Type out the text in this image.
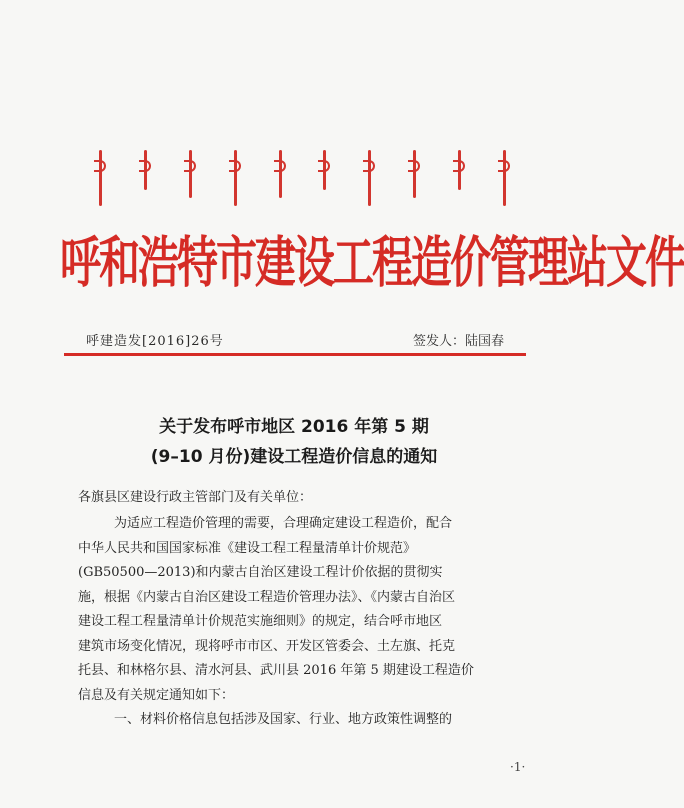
呼和浩特市建设工程造价管理站文件
呼建造发[2016]26号	签发人：陆国春
关于发布呼市地区 2016 年第 5 期
(9–10 月份)建设工程造价信息的通知
各旗县区建设行政主管部门及有关单位：
为适应工程造价管理的需要，合理确定建设工程造价，配合
中华人民共和国国家标准《建设工程工程量清单计价规范》
(GB50500—2013)和内蒙古自治区建设工程计价依据的贯彻实
施，根据《内蒙古自治区建设工程造价管理办法》、《内蒙古自治区
建设工程工程量清单计价规范实施细则》的规定，结合呼市地区
建筑市场变化情况，现将呼市市区、开发区管委会、土左旗、托克
托县、和林格尔县、清水河县、武川县 2016 年第 5 期建设工程造价
信息及有关规定通知如下：
一、材料价格信息包括涉及国家、行业、地方政策性调整的
·1·
